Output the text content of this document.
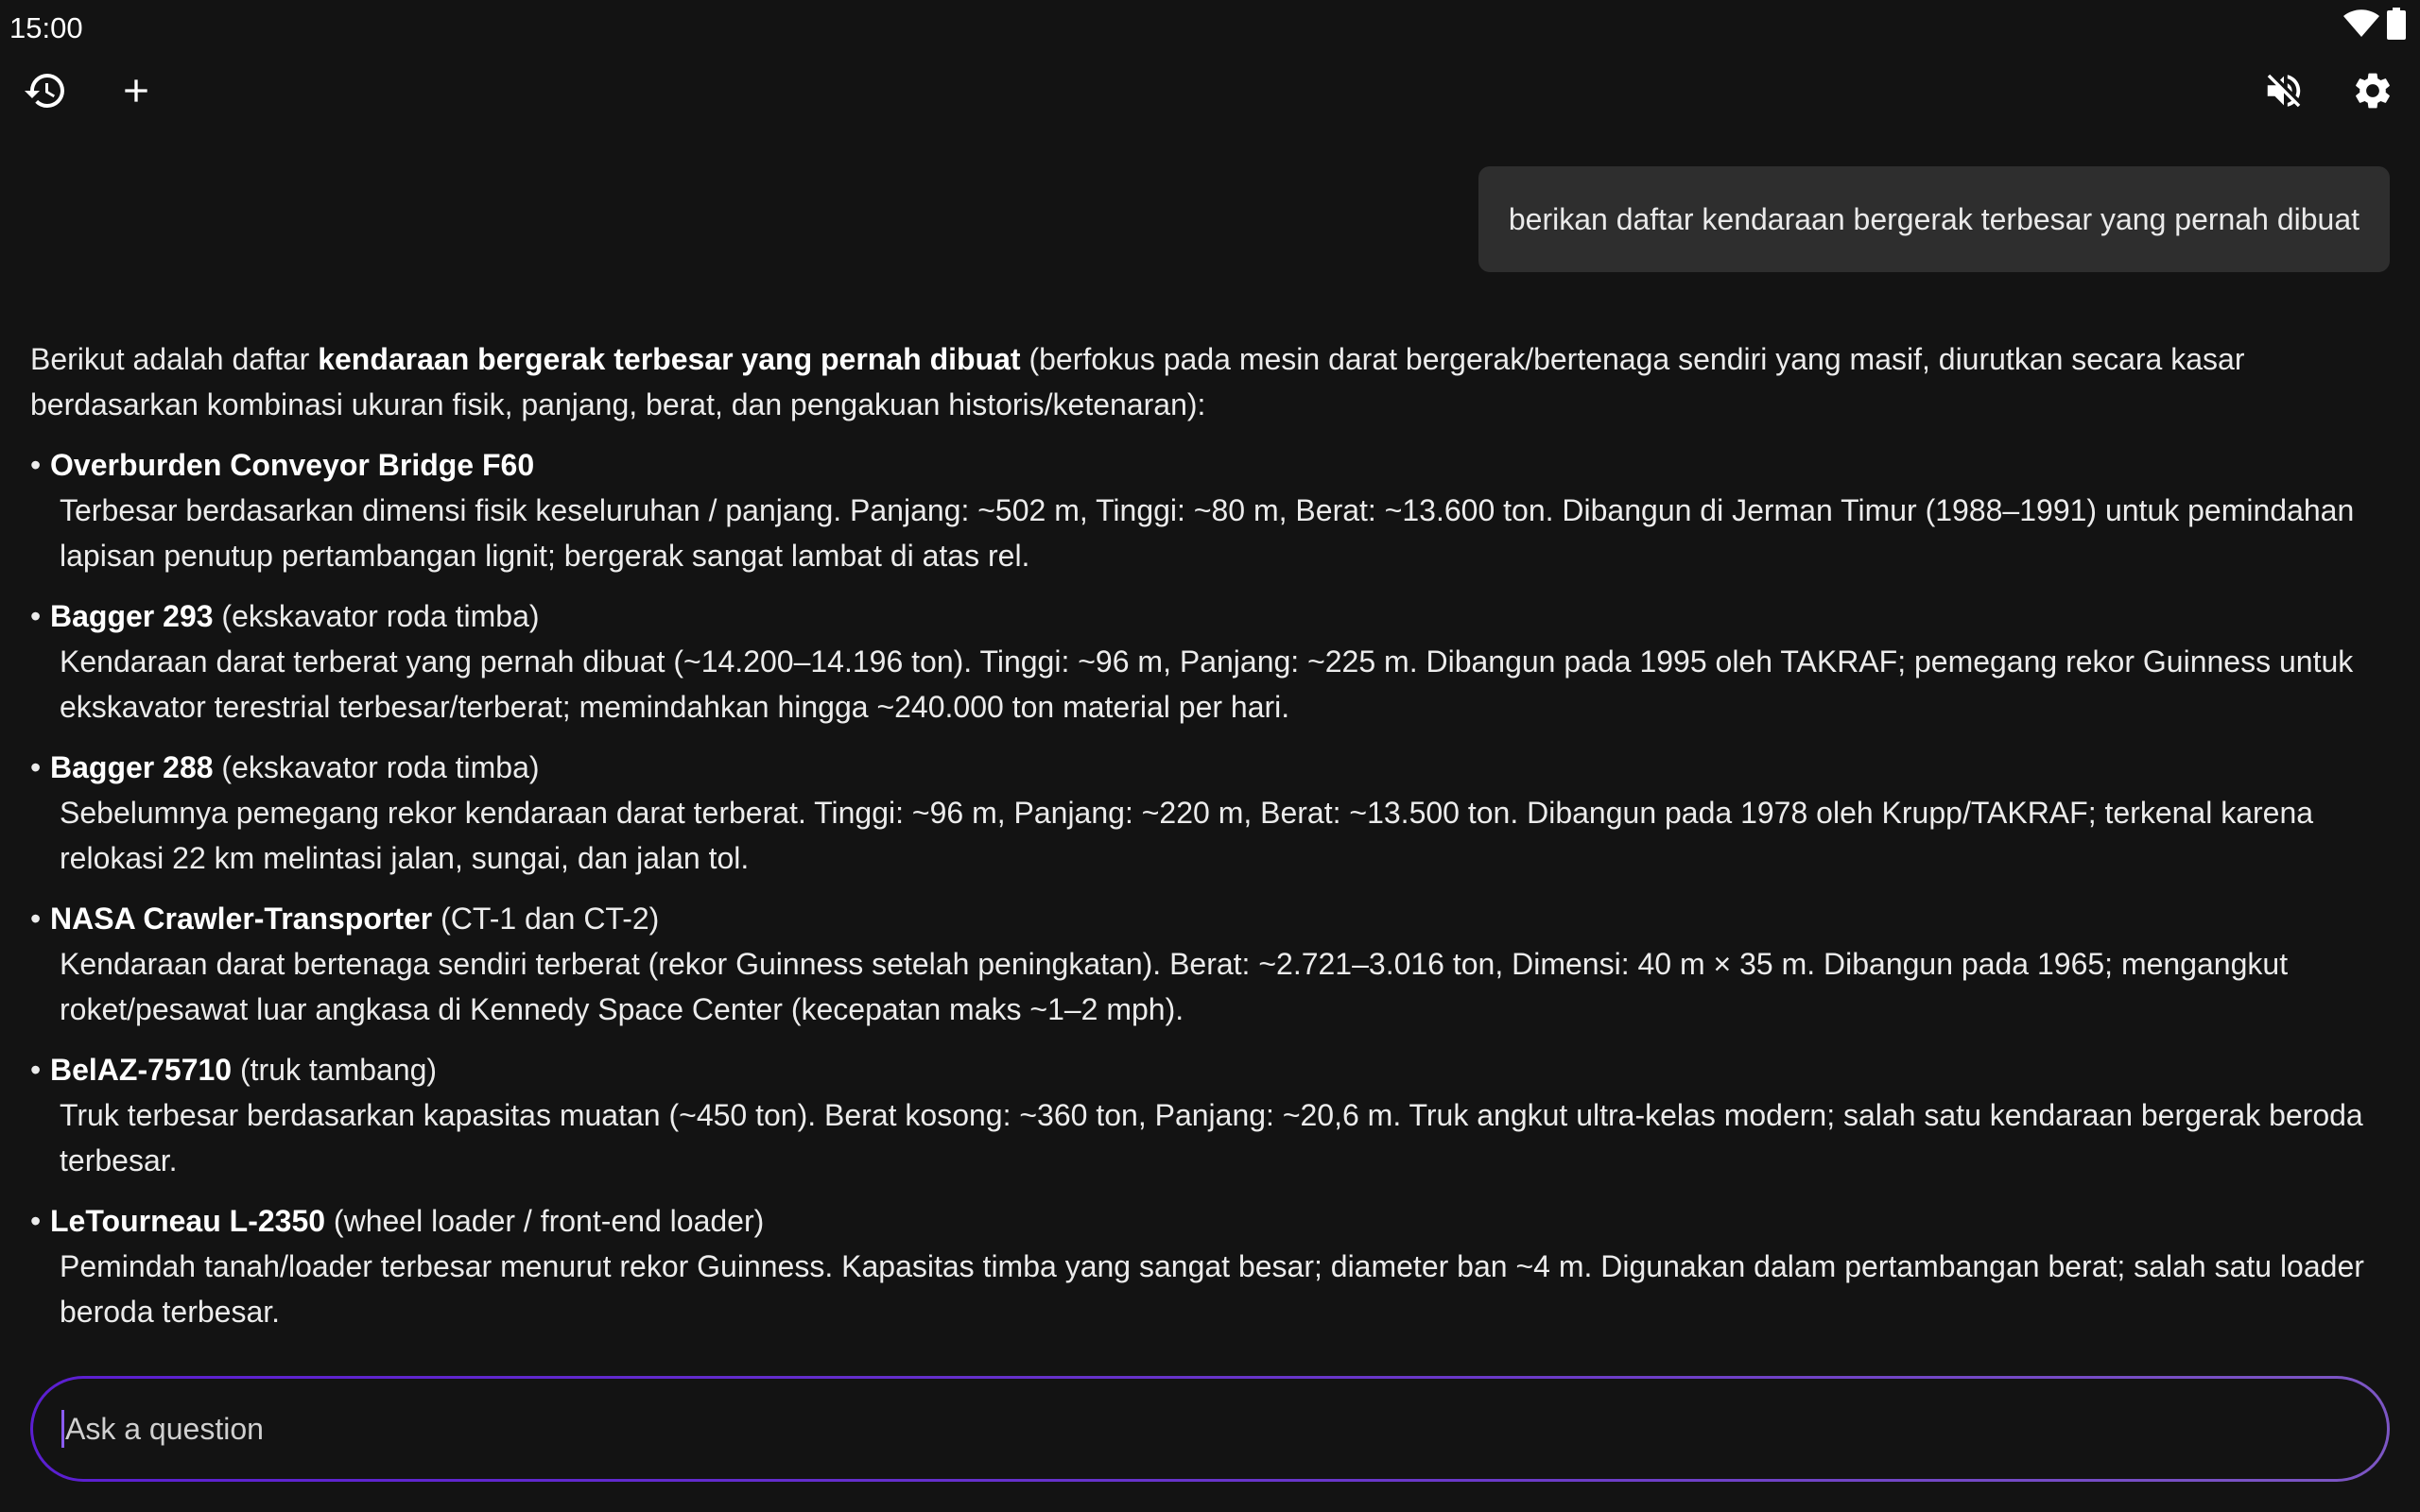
15:00
berikan daftar kendaraan bergerak terbesar yang pernah dibuat

Berikut adalah daftar kendaraan bergerak terbesar yang pernah dibuat (berfokus pada mesin darat bergerak/bertenaga sendiri yang masif, diurutkan secara kasar berdasarkan kombinasi ukuran fisik, panjang, berat, dan pengakuan historis/ketenaran):

• Overburden Conveyor Bridge F60
Terbesar berdasarkan dimensi fisik keseluruhan / panjang. Panjang: ~502 m, Tinggi: ~80 m, Berat: ~13.600 ton. Dibangun di Jerman Timur (1988–1991) untuk pemindahan lapisan penutup pertambangan lignit; bergerak sangat lambat di atas rel.
• Bagger 293 (ekskavator roda timba)
Kendaraan darat terberat yang pernah dibuat (~14.200–14.196 ton). Tinggi: ~96 m, Panjang: ~225 m. Dibangun pada 1995 oleh TAKRAF; pemegang rekor Guinness untuk ekskavator terestrial terbesar/terberat; memindahkan hingga ~240.000 ton material per hari.
• Bagger 288 (ekskavator roda timba)
Sebelumnya pemegang rekor kendaraan darat terberat. Tinggi: ~96 m, Panjang: ~220 m, Berat: ~13.500 ton. Dibangun pada 1978 oleh Krupp/TAKRAF; terkenal karena relokasi 22 km melintasi jalan, sungai, dan jalan tol.
• NASA Crawler-Transporter (CT-1 dan CT-2)
Kendaraan darat bertenaga sendiri terberat (rekor Guinness setelah peningkatan). Berat: ~2.721–3.016 ton, Dimensi: 40 m × 35 m. Dibangun pada 1965; mengangkut roket/pesawat luar angkasa di Kennedy Space Center (kecepatan maks ~1–2 mph).
• BelAZ-75710 (truk tambang)
Truk terbesar berdasarkan kapasitas muatan (~450 ton). Berat kosong: ~360 ton, Panjang: ~20,6 m. Truk angkut ultra-kelas modern; salah satu kendaraan bergerak beroda terbesar.
• LeTourneau L-2350 (wheel loader / front-end loader)
Pemindah tanah/loader terbesar menurut rekor Guinness. Kapasitas timba yang sangat besar; diameter ban ~4 m. Digunakan dalam pertambangan berat; salah satu loader beroda terbesar.
Ask a question
